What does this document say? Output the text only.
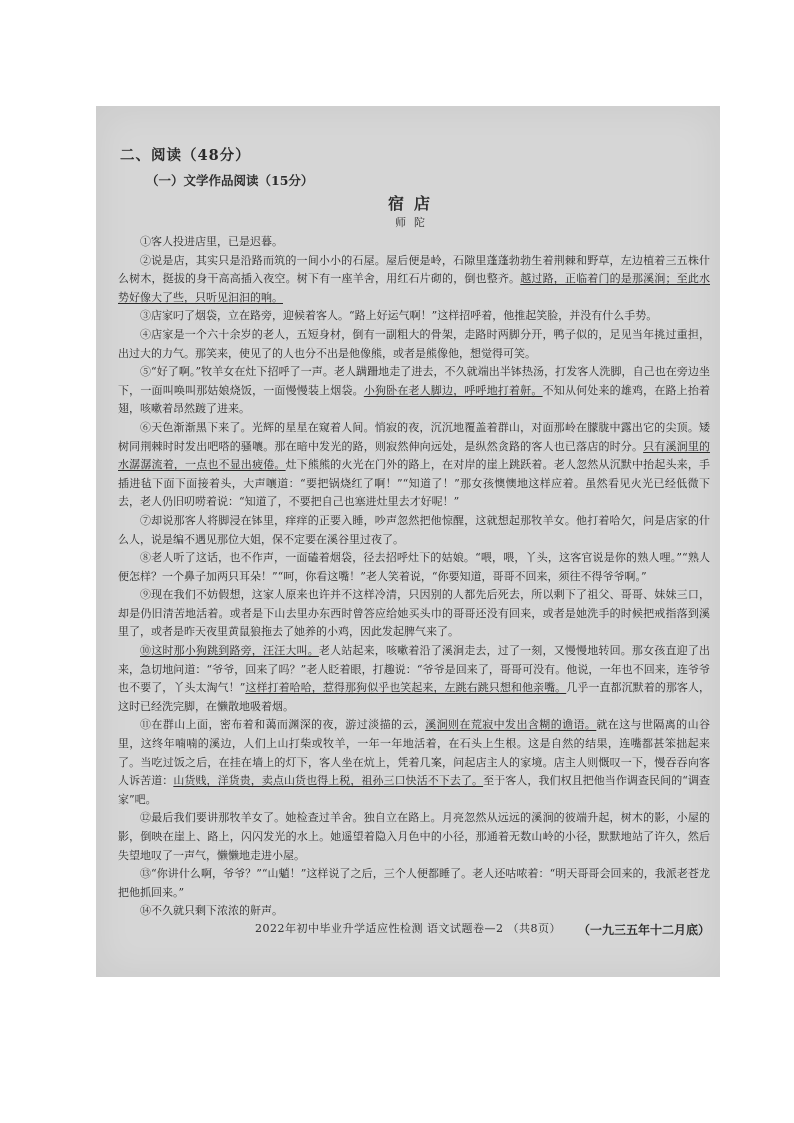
二、阅读（48分）

（一）文学作品阅读（15分）

宿店

师陀

①客人投进店里，已是迟暮。

②说是店，其实只是沿路而筑的一间小小的石屋。屋后便是岭，石隙里蓬蓬勃勃生着荆棘和野草，左边植着三五株什么树木，挺拔的身干高高插入夜空。树下有一座羊舍，用红石片砌的，倒也整齐。越过路，正临着门的是那溪涧；至此水势好像大了些，只听见汩汩的响。

③店家叼了烟袋，立在路旁，迎候着客人。“路上好运气啊！”这样招呼着，他推起笑脸，并没有什么手势。

④店家是一个六十余岁的老人，五短身材，倒有一副粗大的骨架，走路时两脚分开，鸭子似的，足见当年挑过重担，出过大的力气。那笑来，使见了的人也分不出是他像熊，或者是熊像他，想觉得可笑。

⑤“好了啊。”牧羊女在灶下招呼了一声。老人蹒跚地走了进去，不久就端出半钵热汤，打发客人洗脚，自己也在旁边坐下，一面叫唤叫那姑娘烧饭，一面慢慢装上烟袋。小狗卧在老人脚边，呼呼地打着鼾。不知从何处来的雄鸡，在路上抬着翅，咳嗽着昂然踱了进来。

⑥天色渐渐黑下来了。光辉的星星在窥着人间。悄寂的夜，沉沉地覆盖着群山，对面那岭在朦胧中露出它的尖顶。矮树同荆棘时时发出吧嗒的骚嚷。那在暗中发光的路，则寂然伸向远处，是纵然贪路的客人也已落店的时分。只有溪涧里的水潺潺流着，一点也不显出疲倦。灶下熊熊的火光在门外的路上，在对岸的崖上跳跃着。老人忽然从沉默中抬起头来，手插进毡下面下面接着头，大声嚷道：“要把锅烧红了啊！”“知道了！”那女孩懊懊地这样应着。虽然看见火光已经低微下去，老人仍旧叨唠着说：“知道了，不要把自己也塞进灶里去才好呢！”

⑦却说那客人将脚浸在钵里，痒痒的正要入睡，吵声忽然把他惊醒，这就想起那牧羊女。他打着哈欠，问是店家的什么人，说是编不遇见那位大姐，保不定要在溪谷里过夜了。

⑧老人听了这话，也不作声，一面磕着烟袋，径去招呼灶下的姑娘。“喂，喂，丫头，这客官说是你的熟人哩。”“熟人便怎样？一个鼻子加两只耳朵！”“呵，你看这嘴！”老人笑着说，“你要知道，哥哥不回来，须往不得爷爷啊。”

⑨现在我们不妨假想，这家人原来也许并不这样冷清，只因别的人都先后死去，所以剩下了祖父、哥哥、妹妹三口，却是仍旧清苦地活着。或者是下山去里办东西时曾答应给她买头巾的哥哥还没有回来，或者是她洗手的时候把戒指落到溪里了，或者是昨天夜里黄鼠狼拖去了她养的小鸡，因此发起脾气来了。

⑩这时那小狗跳到路旁，汪汪大叫。老人站起来，咳嗽着沿了溪涧走去，过了一刻，又慢慢地转回。那女孩直迎了出来，急切地问道：“爷爷，回来了吗？”老人眨着眼，打趣说：“爷爷是回来了，哥哥可没有。他说，一年也不回来，连爷爷也不要了，丫头太淘气！”这样打着哈哈，惹得那狗似乎也笑起来，左跳右跳只想和他亲嘴。几乎一直都沉默着的那客人，这时已经洗完脚，在懒散地吸着烟。

⑪在群山上面，密布着和蔼而渊深的夜，游过淡描的云，溪涧则在荒寂中发出含糊的谵语。就在这与世隔离的山谷里，这终年喃喃的溪边，人们上山打柴或牧羊，一年一年地活着，在石头上生根。这是自然的结果，连嘴都甚笨拙起来了。当吃过饭之后，在挂在墙上的灯下，客人坐在炕上，凭着几案，问起店主人的家境。店主人则慨叹一下，慢吞吞向客人诉苦道：山货贱，洋货贵，卖点山货也得上税，祖孙三口快活不下去了。至于客人，我们权且把他当作调查民间的“调查家”吧。

⑫最后我们要讲那牧羊女了。她检查过羊舍。独自立在路上。月亮忽然从远远的溪涧的彼端升起，树木的影，小屋的影，倒映在崖上、路上，闪闪发光的水上。她遥望着隐入月色中的小径，那通着无数山岭的小径，默默地站了许久，然后失望地叹了一声气，懒懒地走进小屋。

⑬“你讲什么啊，爷爷？”“山魈！”这样说了之后，三个人便都睡了。老人还咕哝着：“明天哥哥会回来的，我派老苍龙把他抓回来。”

⑭不久就只剩下浓浓的鼾声。

（一九三五年十二月底）

2022年初中毕业升学适应性检测 语文试题卷—2 （共8页）
